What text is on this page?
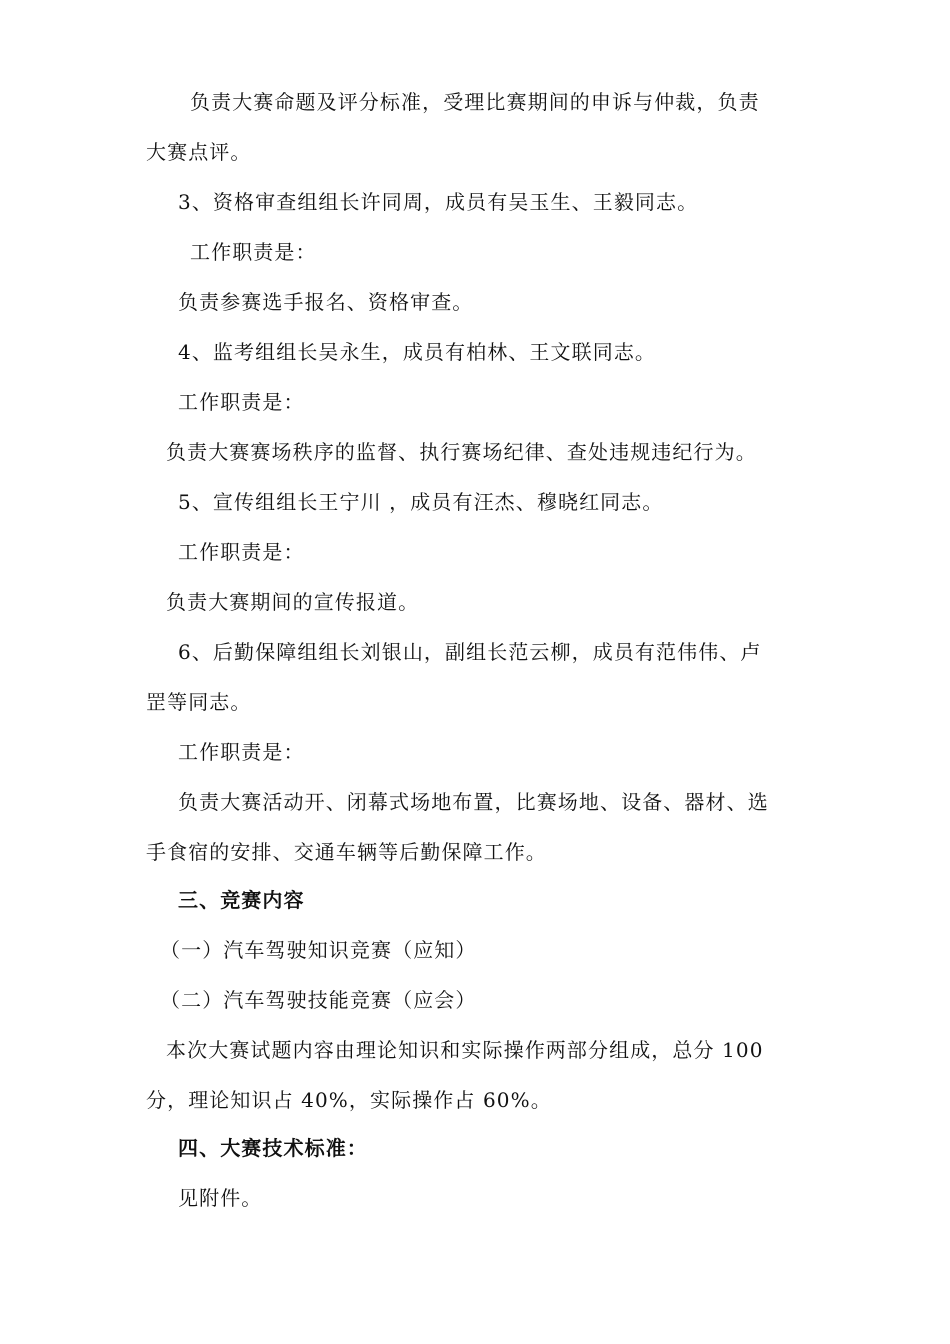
负责大赛命题及评分标准，受理比赛期间的申诉与仲裁，负责
大赛点评。
3、资格审查组组长许同周，成员有吴玉生、王毅同志。
工作职责是：
负责参赛选手报名、资格审查。
4、监考组组长吴永生，成员有柏林、王文联同志。
工作职责是：
负责大赛赛场秩序的监督、执行赛场纪律、查处违规违纪行为。
5、宣传组组长王宁川 ，成员有汪杰、穆晓红同志。
工作职责是：
负责大赛期间的宣传报道。
6、后勤保障组组长刘银山，副组长范云柳，成员有范伟伟、卢
罡等同志。
工作职责是：
负责大赛活动开、闭幕式场地布置，比赛场地、设备、器材、选
手食宿的安排、交通车辆等后勤保障工作。
三、竞赛内容
（一）汽车驾驶知识竞赛（应知）
（二）汽车驾驶技能竞赛（应会）
本次大赛试题内容由理论知识和实际操作两部分组成，总分 100
分，理论知识占 40%，实际操作占 60%。
四、大赛技术标准：
见附件。
